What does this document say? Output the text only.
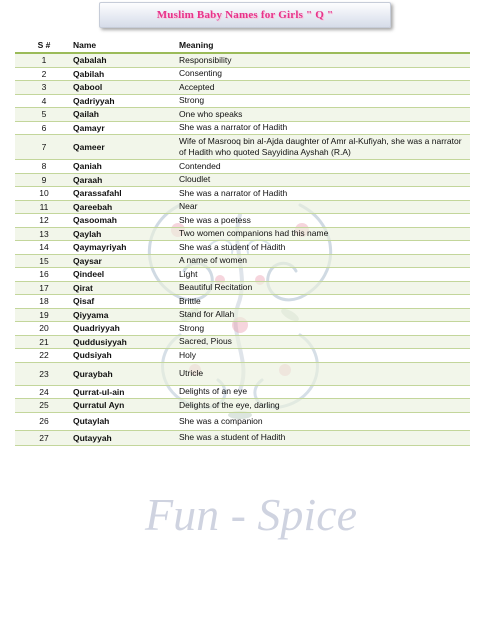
Muslim Baby Names for Girls " Q "
Fun - Spice
S #	Name	Meaning
1	Qabalah	Responsibility
2	Qabilah	Consenting
3	Qabool	Accepted
4	Qadriyyah	Strong
5	Qailah	One who speaks
6	Qamayr	She was a narrator of Hadith
7	Qameer
Wife of Masrooq bin al-Ajda daughter of Amr al-Kufiyah, she was a narrator of Hadith who quoted Sayyidina Ayshah (R.A)
8	Qaniah	Contended
9	Qaraah	Cloudlet
10	Qarassafahl	She was a narrator of Hadith
11	Qareebah	Near
12	Qasoomah	She was a poetess
13	Qaylah	Two women companions had this name
14	Qaymayriyah	She was a student of Hadith
15	Qaysar	A name of women
16	Qindeel	Light
17	Qirat	Beautiful Recitation
18	Qisaf	Brittle
19	Qiyyama	Stand for Allah
20	Quadriyyah	Strong
21	Quddusiyyah	Sacred, Pious
22	Qudsiyah	Holy
23	Quraybah	Utricle
24	Qurrat-ul-ain	Delights of an eye
25	Qurratul Ayn	Delights of the eye, darling
26	Qutaylah	She was a companion
27	Qutayyah	She was a student of Hadith
